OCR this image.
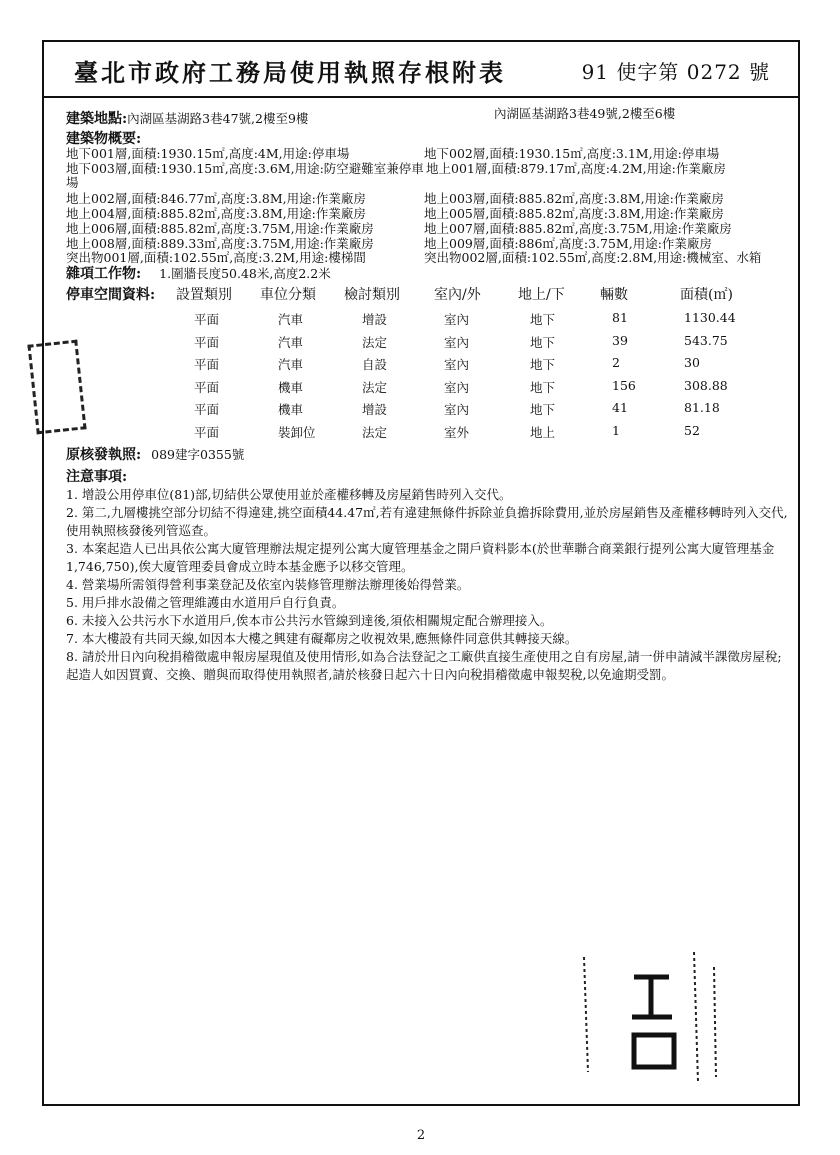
臺北市政府工務局使用執照存根附表	91 使字第 0272 號
建築地點:內湖區基湖路3巷47號,2樓至9樓	內湖區基湖路3巷49號,2樓至6樓
建築物概要:
地下001層,面積:1930.15㎡,高度:4M,用途:停車場	地下002層,面積:1930.15㎡,高度:3.1M,用途:停車場
地下003層,面積:1930.15㎡,高度:3.6M,用途:防空避難室兼停車 地上001層,面積:879.17㎡,高度:4.2M,用途:作業廠房
場
地上002層,面積:846.77㎡,高度:3.8M,用途:作業廠房	地上003層,面積:885.82㎡,高度:3.8M,用途:作業廠房
地上004層,面積:885.82㎡,高度:3.8M,用途:作業廠房	地上005層,面積:885.82㎡,高度:3.8M,用途:作業廠房
地上006層,面積:885.82㎡,高度:3.75M,用途:作業廠房	地上007層,面積:885.82㎡,高度:3.75M,用途:作業廠房
地上008層,面積:889.33㎡,高度:3.75M,用途:作業廠房	地上009層,面積:886㎡,高度:3.75M,用途:作業廠房
突出物001層,面積:102.55㎡,高度:3.2M,用途:樓梯間	突出物002層,面積:102.55㎡,高度:2.8M,用途:機械室、水箱
雜項工作物: 1.圍牆長度50.48米,高度2.2米
停車空間資料: 設置類別 車位分類 檢討類別 室內/外	地上/下	輛數	面積(㎡)
平面	汽車	增設	室內	地下	81	1130.44
平面	汽車	法定	室內	地下	39	543.75
平面	汽車	自設	室內	地下	2	30
平面	機車	法定	室內	地下	156	308.88
平面	機車	增設	室內	地下	41	81.18
平面	裝卸位	法定	室外	地上	1	52
原核發執照: 089建字0355號
注意事項:
1. 增設公用停車位(81)部,切結供公眾使用並於產權移轉及房屋銷售時列入交代。
2. 第二,九層樓挑空部分切結不得違建,挑空面積44.47㎡,若有違建無條件拆除並負擔拆除費用,並於房屋銷售及產權移轉時列入交代,使用執照核發後列管巡查。
3. 本案起造人已出具依公寓大廈管理辦法規定提列公寓大廈管理基金之開戶資料影本(於世華聯合商業銀行提列公寓大廈管理基金1,746,750),俟大廈管理委員會成立時本基金應予以移交管理。
4. 營業場所需領得營利事業登記及依室內裝修管理辦法辦理後始得營業。
5. 用戶排水設備之管理維護由水道用戶自行負責。
6. 未接入公共污水下水道用戶,俟本市公共污水管線到達後,須依相關規定配合辦理接入。
7. 本大樓設有共同天線,如因本大樓之興建有礙鄰房之收視效果,應無條件同意供其轉接天線。
8. 請於卅日內向稅捐稽徵處申報房屋現值及使用情形,如為合法登記之工廠供直接生產使用之自有房屋,請一併申請減半課徵房屋稅;起造人如因買賣、交換、贈與而取得使用執照者,請於核發日起六十日內向稅捐稽徵處申報契稅,以免逾期受罰。
2
